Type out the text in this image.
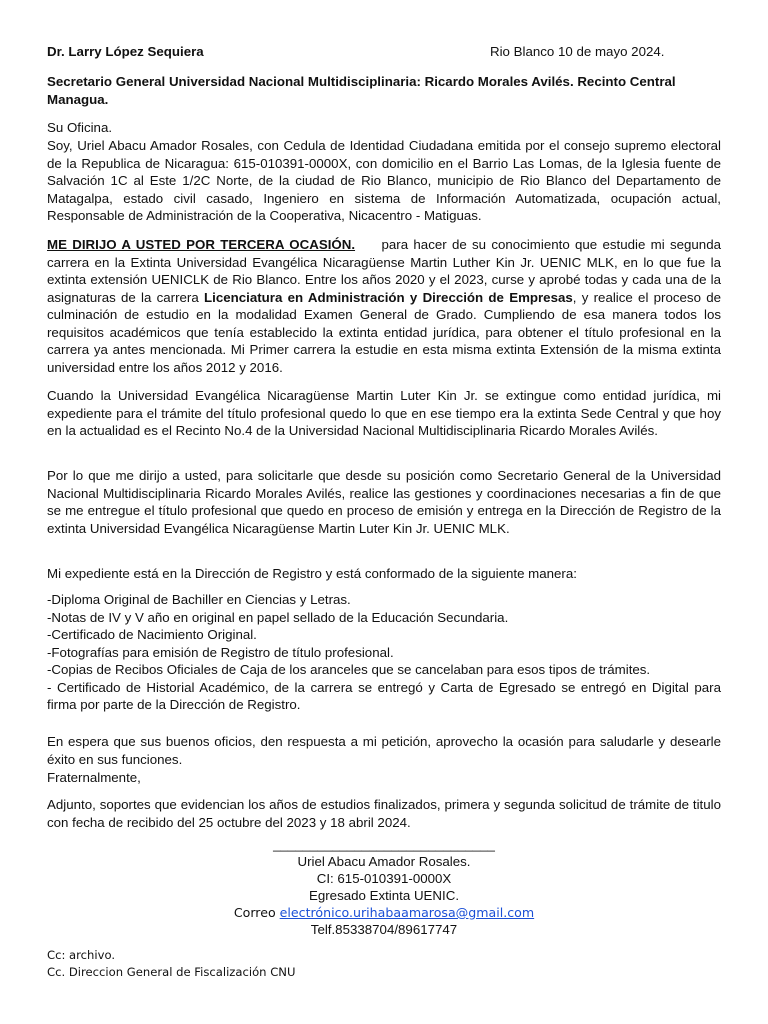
Dr. Larry López Sequiera	Rio Blanco 10 de mayo 2024.
Secretario General Universidad Nacional Multidisciplinaria: Ricardo Morales Avilés. Recinto Central Managua.
Su Oficina.
Soy, Uriel Abacu Amador Rosales, con Cedula de Identidad Ciudadana emitida por el consejo supremo electoral de la Republica de Nicaragua: 615-010391-0000X, con domicilio en el Barrio Las Lomas, de la Iglesia fuente de Salvación 1C al Este 1/2C Norte, de la ciudad de Rio Blanco, municipio de Rio Blanco del Departamento de Matagalpa, estado civil casado, Ingeniero en sistema de Información Automatizada, ocupación actual, Responsable de Administración de la Cooperativa, Nicacentro - Matiguas.
ME DIRIJO A USTED POR TERCERA OCASIÓN. para hacer de su conocimiento que estudie mi segunda carrera en la Extinta Universidad Evangélica Nicaragüense Martin Luther Kin Jr. UENIC MLK, en lo que fue la extinta extensión UENICLK de Rio Blanco. Entre los años 2020 y el 2023, curse y aprobé todas y cada una de la asignaturas de la carrera Licenciatura en Administración y Dirección de Empresas, y realice el proceso de culminación de estudio en la modalidad Examen General de Grado. Cumpliendo de esa manera todos los requisitos académicos que tenía establecido la extinta entidad jurídica, para obtener el título profesional en la carrera ya antes mencionada. Mi Primer carrera la estudie en esta misma extinta Extensión de la misma extinta universidad entre los años 2012 y 2016.
Cuando la Universidad Evangélica Nicaragüense Martin Luter Kin Jr. se extingue como entidad jurídica, mi expediente para el trámite del título profesional quedo lo que en ese tiempo era la extinta Sede Central y que hoy en la actualidad es el Recinto No.4 de la Universidad Nacional Multidisciplinaria Ricardo Morales Avilés.
Por lo que me dirijo a usted, para solicitarle que desde su posición como Secretario General de la Universidad Nacional Multidisciplinaria Ricardo Morales Avilés, realice las gestiones y coordinaciones necesarias a fin de que se me entregue el título profesional que quedo en proceso de emisión y entrega en la Dirección de Registro de la extinta Universidad Evangélica Nicaragüense Martin Luter Kin Jr. UENIC MLK.
Mi expediente está en la Dirección de Registro y está conformado de la siguiente manera:
-Diploma Original de Bachiller en Ciencias y Letras.
-Notas de IV y V año en original en papel sellado de la Educación Secundaria.
-Certificado de Nacimiento Original.
-Fotografías para emisión de Registro de título profesional.
-Copias de Recibos Oficiales de Caja de los aranceles que se cancelaban para esos tipos de trámites.
- Certificado de Historial Académico, de la carrera se entregó y Carta de Egresado se entregó en Digital para firma por parte de la Dirección de Registro.
En espera que sus buenos oficios, den respuesta a mi petición, aprovecho la ocasión para saludarle y desearle éxito en sus funciones.
Fraternalmente,
Adjunto, soportes que evidencian los años de estudios finalizados, primera y segunda solicitud de trámite de titulo con fecha de recibido del 25 octubre del 2023 y 18 abril 2024.
______________________________
Uriel Abacu Amador Rosales.
CI: 615-010391-0000X
Egresado Extinta UENIC.
Correo electrónico.urihabaamarosa@gmail.com
Telf.85338704/89617747
Cc: archivo.
Cc. Direccion General de Fiscalización CNU
